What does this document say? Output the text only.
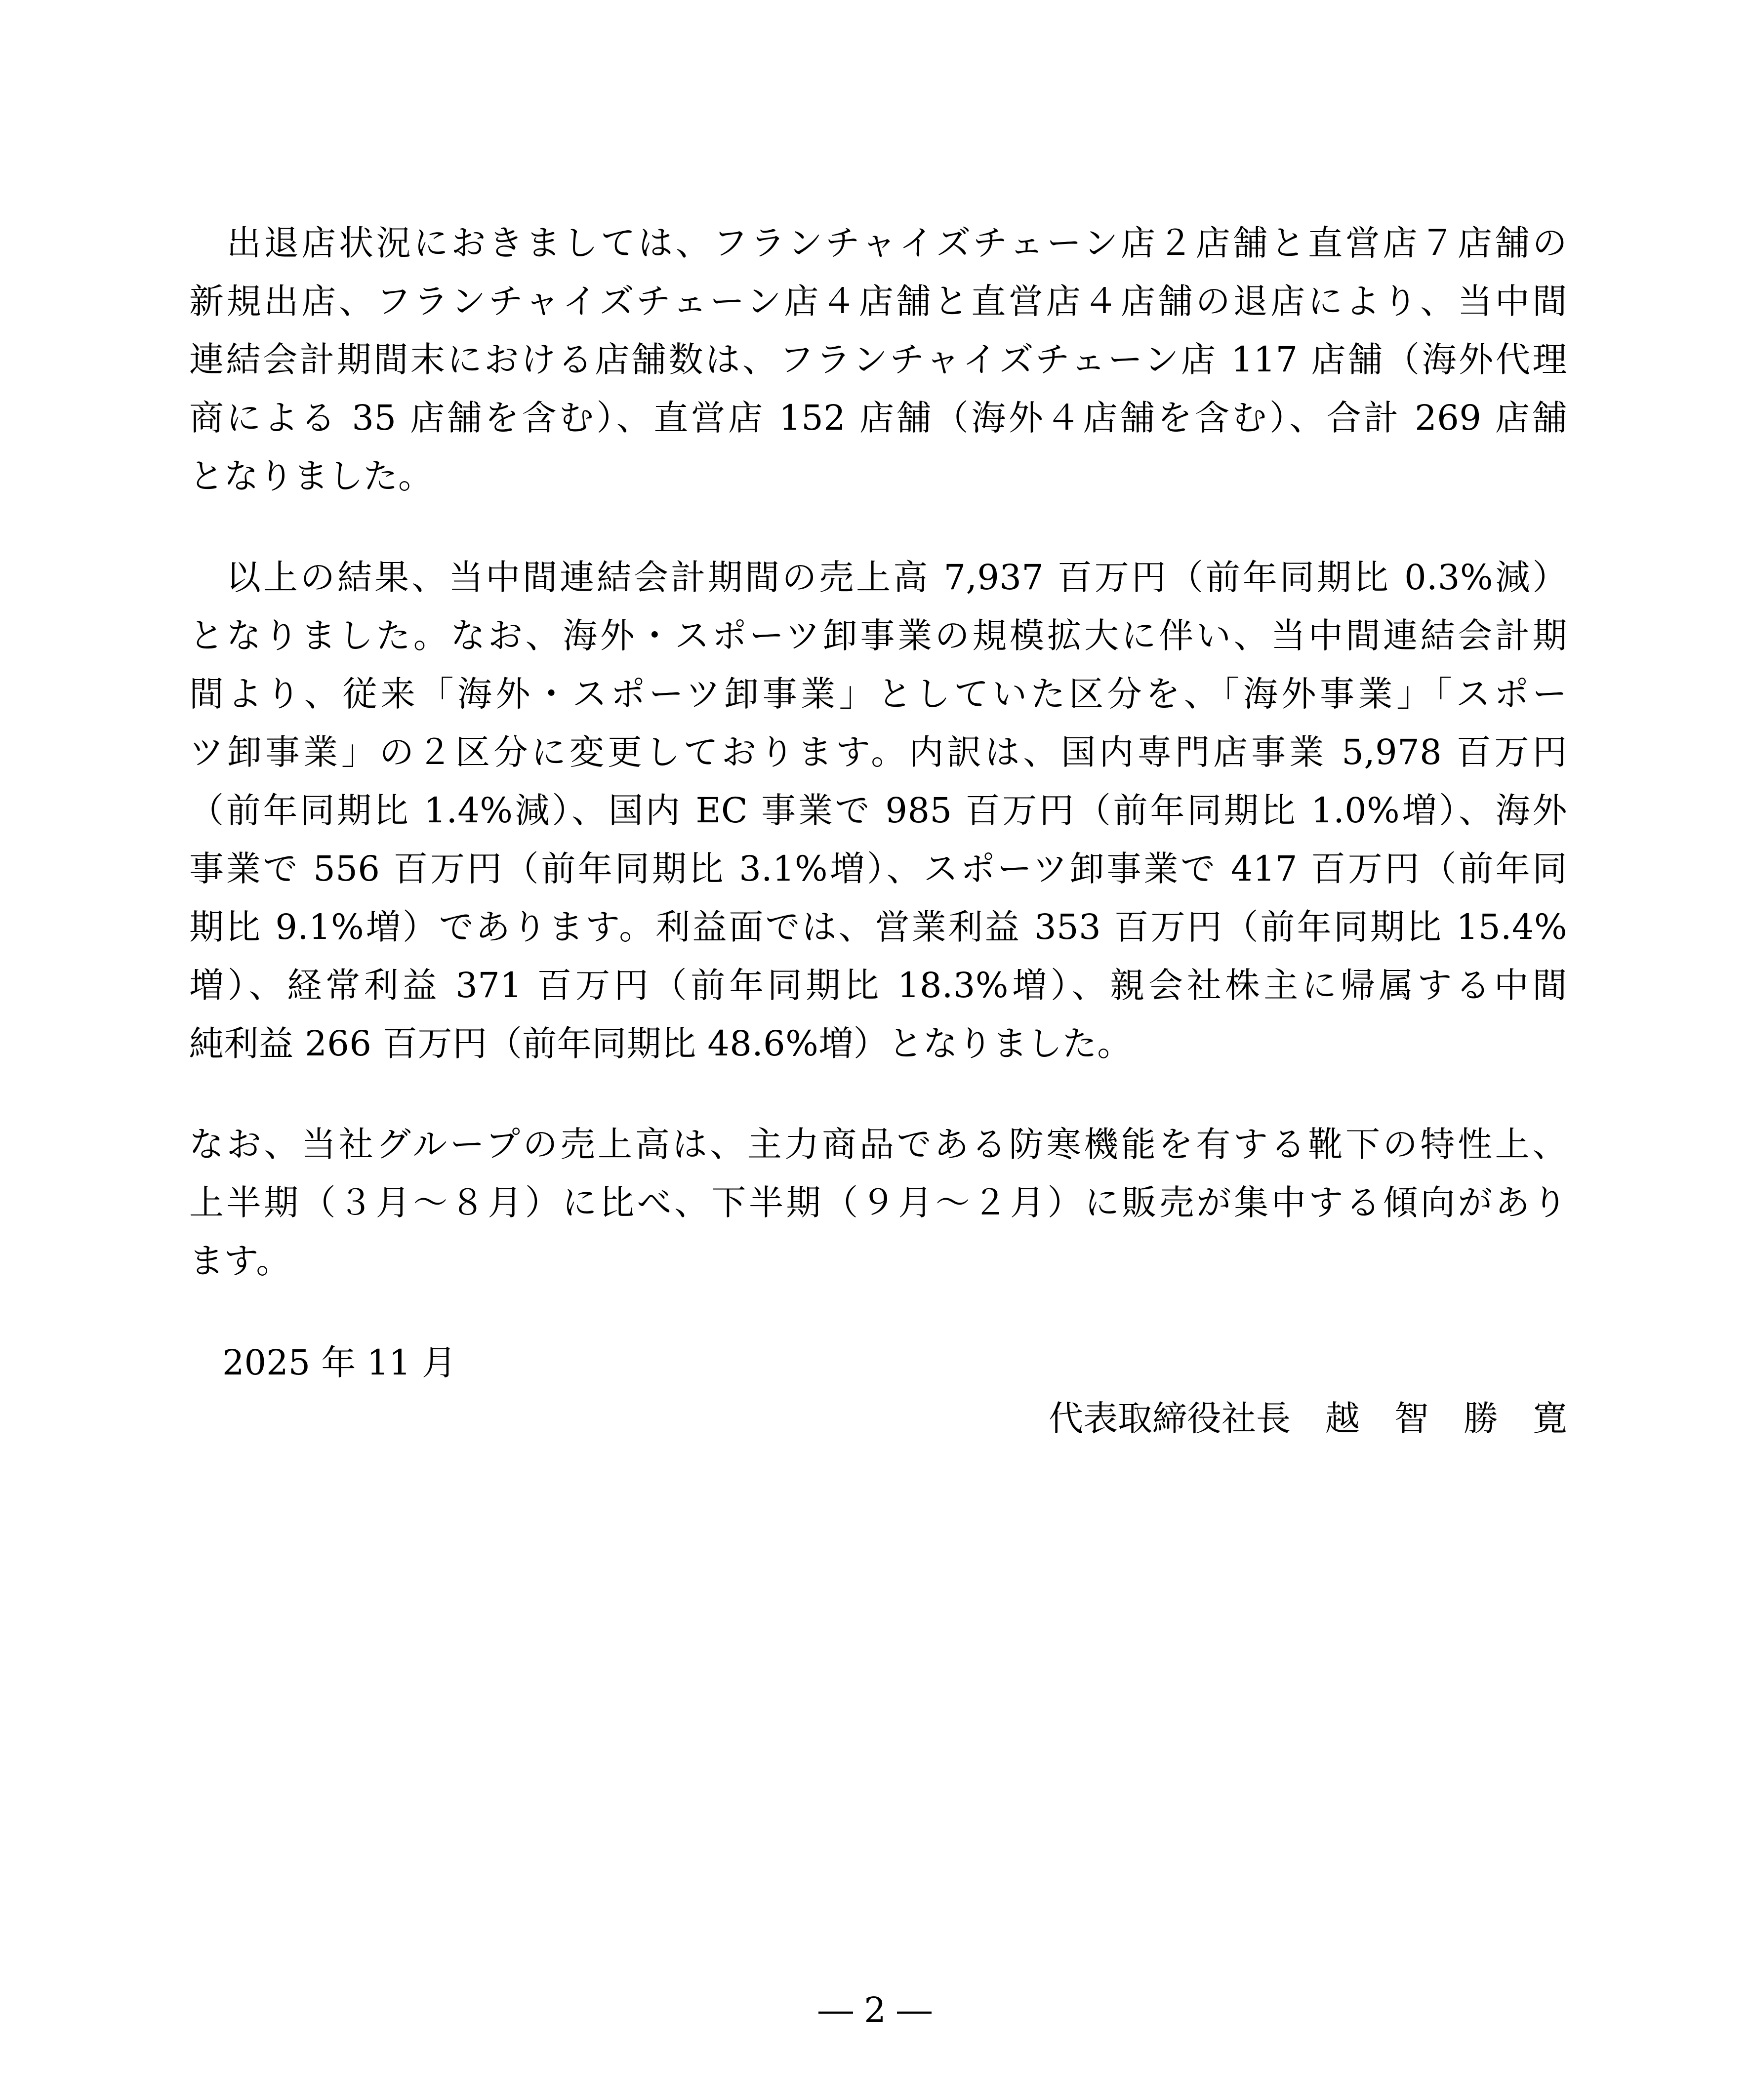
　出退店状況におきましては、フランチャイズチェーン店２店舗と直営店７店舗の
新規出店、フランチャイズチェーン店４店舗と直営店４店舗の退店により、当中間
連結会計期間末における店舗数は、フランチャイズチェーン店 117 店舗（海外代理
商による 35 店舗を含む）、直営店 152 店舗（海外４店舗を含む）、合計 269 店舗
となりました。
　以上の結果、当中間連結会計期間の売上高 7,937 百万円（前年同期比 0.3%減）
となりました。なお、海外・スポーツ卸事業の規模拡大に伴い、当中間連結会計期
間より、従来「海外・スポーツ卸事業」としていた区分を、「海外事業」「スポー
ツ卸事業」の２区分に変更しております。内訳は、国内専門店事業 5,978 百万円
（前年同期比 1.4%減）、国内 EC 事業で 985 百万円（前年同期比 1.0%増）、海外
事業で 556 百万円（前年同期比 3.1%増）、スポーツ卸事業で 417 百万円（前年同
期比 9.1%増）であります。利益面では、営業利益 353 百万円（前年同期比 15.4%
増）、経常利益 371 百万円（前年同期比 18.3%増）、親会社株主に帰属する中間
純利益 266 百万円（前年同期比 48.6%増）となりました。
なお、当社グループの売上高は、主力商品である防寒機能を有する靴下の特性上、
上半期（３月～８月）に比べ、下半期（９月～２月）に販売が集中する傾向があり
ます。
2025 年 11 月
代表取締役社長　越　智　勝　寛
― 2 ―
